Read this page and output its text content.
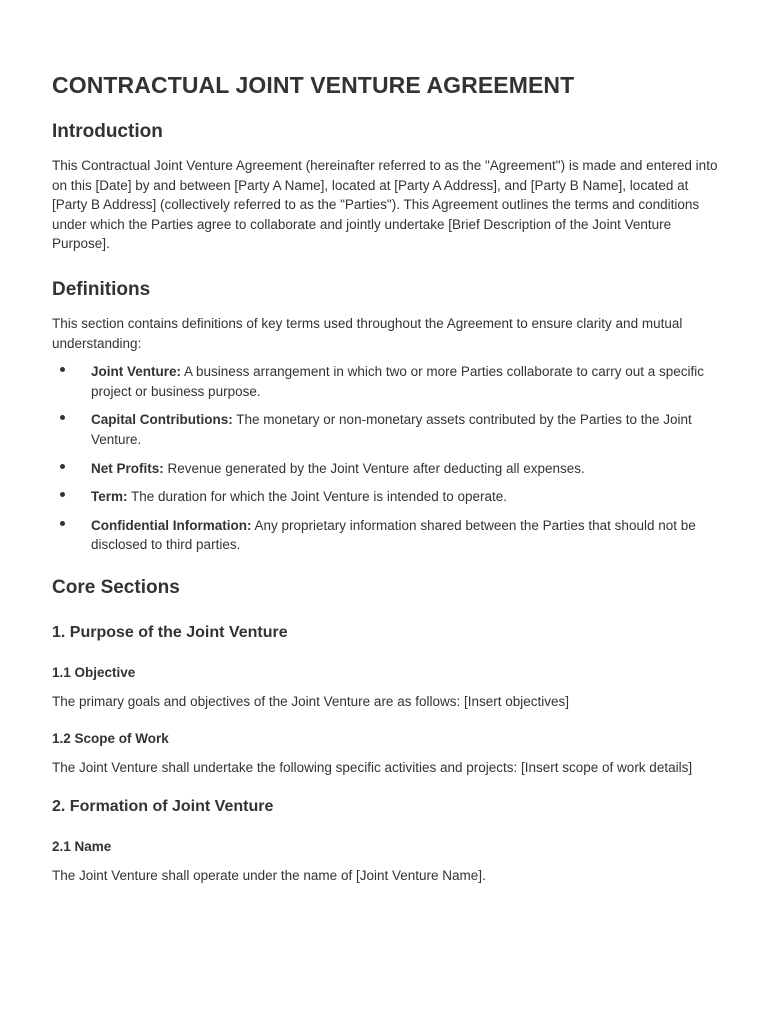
CONTRACTUAL JOINT VENTURE AGREEMENT
Introduction

This Contractual Joint Venture Agreement (hereinafter referred to as the "Agreement") is made and entered into on this [Date] by and between [Party A Name], located at [Party A Address], and [Party B Name], located at [Party B Address] (collectively referred to as the "Parties"). This Agreement outlines the terms and conditions under which the Parties agree to collaborate and jointly undertake [Brief Description of the Joint Venture Purpose].

Definitions

This section contains definitions of key terms used throughout the Agreement to ensure clarity and mutual understanding:

Joint Venture: A business arrangement in which two or more Parties collaborate to carry out a specific project or business purpose.
Capital Contributions: The monetary or non-monetary assets contributed by the Parties to the Joint Venture.
Net Profits: Revenue generated by the Joint Venture after deducting all expenses.
Term: The duration for which the Joint Venture is intended to operate.
Confidential Information: Any proprietary information shared between the Parties that should not be disclosed to third parties.
Core Sections
1. Purpose of the Joint Venture
1.1 Objective

The primary goals and objectives of the Joint Venture are as follows: [Insert objectives]

1.2 Scope of Work

The Joint Venture shall undertake the following specific activities and projects: [Insert scope of work details]

2. Formation of Joint Venture
2.1 Name

The Joint Venture shall operate under the name of [Joint Venture Name].
